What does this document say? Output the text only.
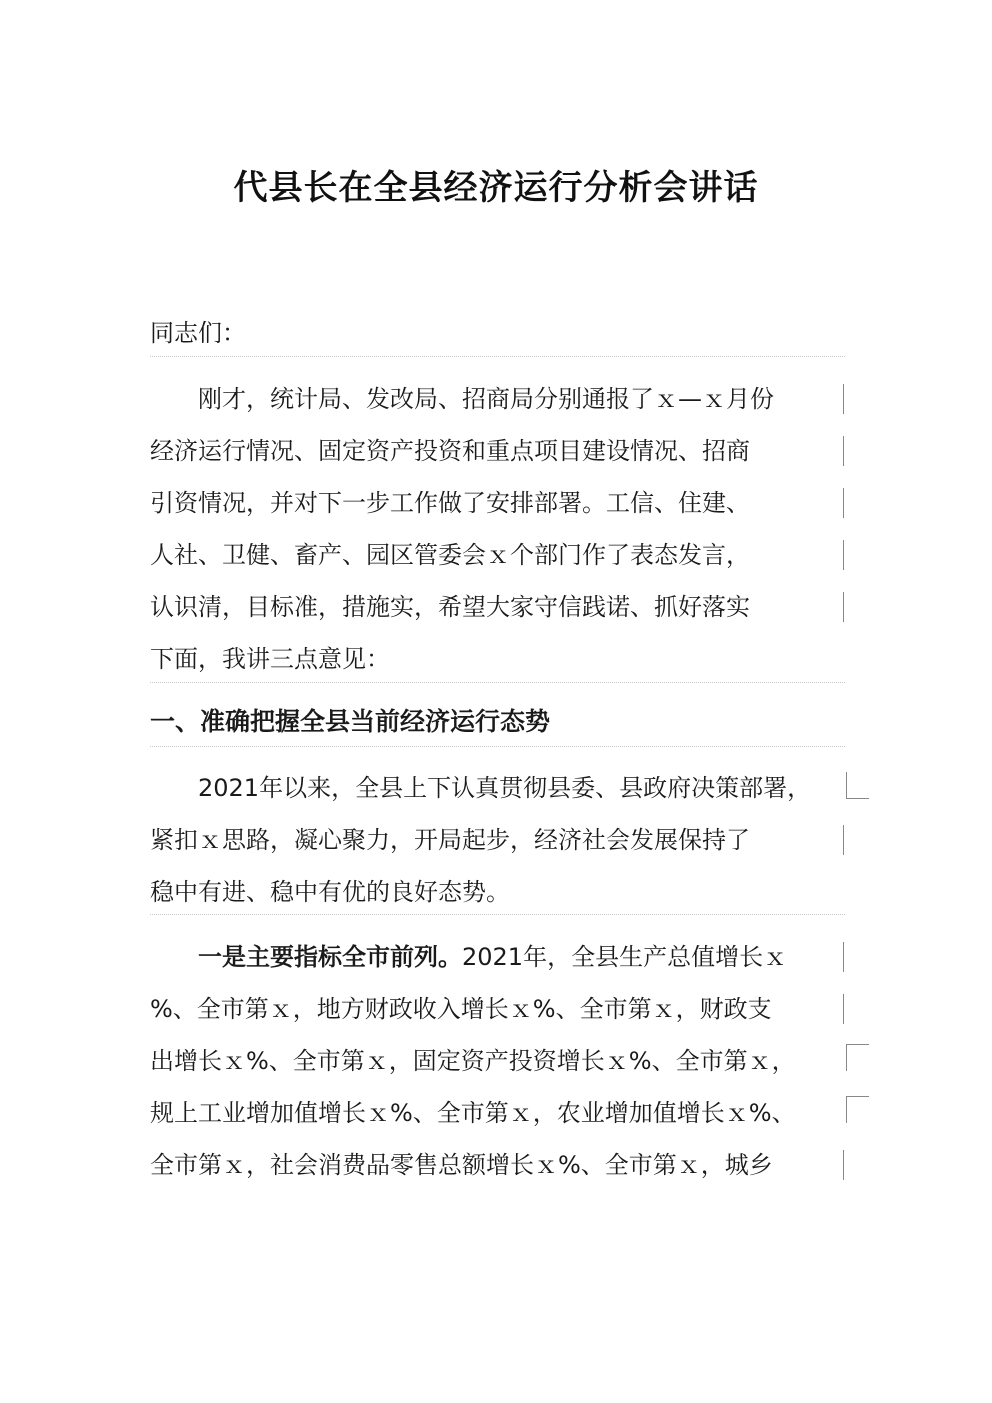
代县长在全县经济运行分析会讲话
同志们：
　　刚才，统计局、发改局、招商局分别通报了ｘ—ｘ月份
经济运行情况、固定资产投资和重点项目建设情况、招商
引资情况，并对下一步工作做了安排部署。工信、住建、
人社、卫健、畜产、园区管委会ｘ个部门作了表态发言，
认识清，目标准，措施实，希望大家守信践诺、抓好落实
下面，我讲三点意见：
一、准确把握全县当前经济运行态势
　　2021年以来，全县上下认真贯彻县委、县政府决策部署，
紧扣ｘ思路，凝心聚力，开局起步，经济社会发展保持了
稳中有进、稳中有优的良好态势。
　　一是主要指标全市前列。2021年，全县生产总值增长ｘ
%、全市第ｘ，地方财政收入增长ｘ%、全市第ｘ，财政支
出增长ｘ%、全市第ｘ，固定资产投资增长ｘ%、全市第ｘ，
规上工业增加值增长ｘ%、全市第ｘ，农业增加值增长ｘ%、
全市第ｘ，社会消费品零售总额增长ｘ%、全市第ｘ，城乡
